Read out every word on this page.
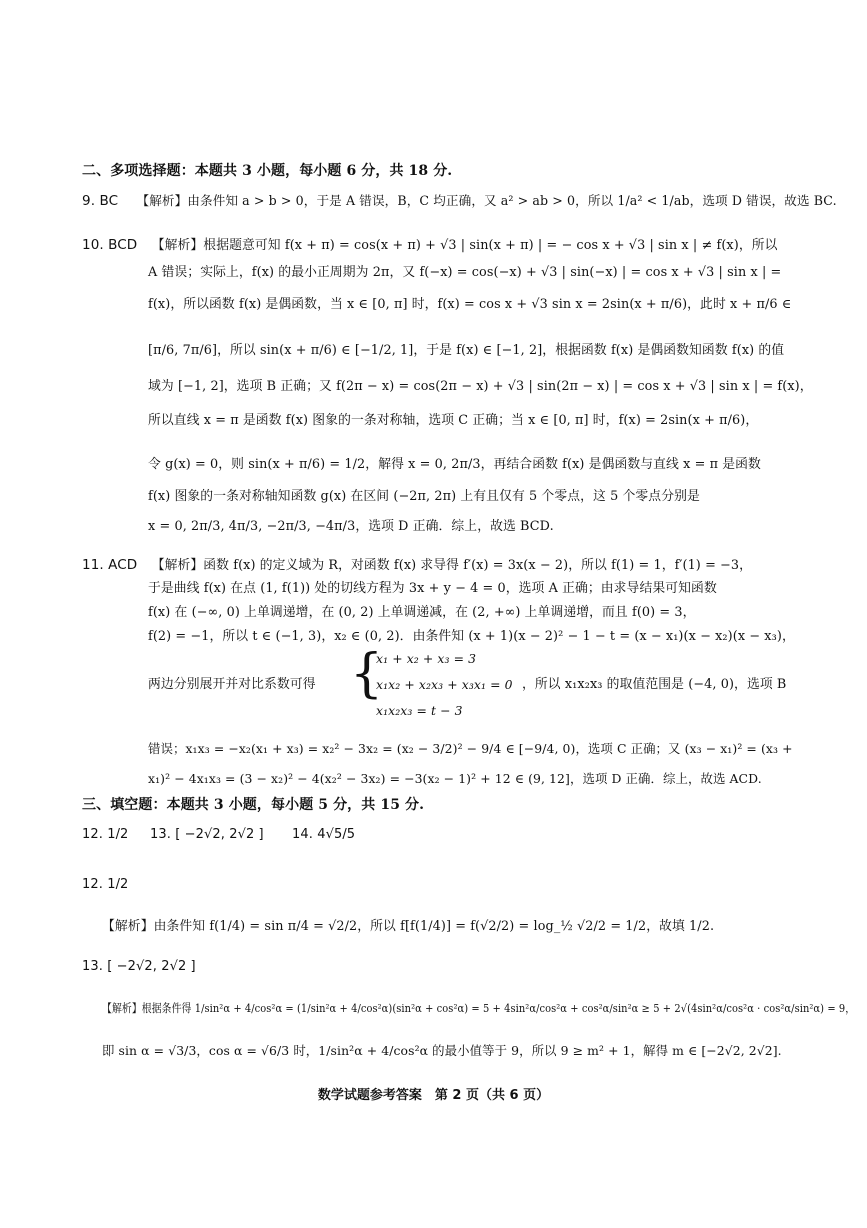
二、多项选择题：本题共 3 小题，每小题 6 分，共 18 分.
9. BC 【解析】由条件知 a > b > 0，于是 A 错误，B，C 均正确，又 a² > ab > 0，所以 1/a² < 1/ab，选项 D 错误，故选 BC.
10. BCD 【解析】根据题意可知 f(x + π) = cos(x + π) + √3 | sin(x + π) | = − cos x + √3 | sin x | ≠ f(x)，所以
A 错误；实际上，f(x) 的最小正周期为 2π，又 f(−x) = cos(−x) + √3 | sin(−x) | = cos x + √3 | sin x | =
f(x)，所以函数 f(x) 是偶函数，当 x ∈ [0, π] 时，f(x) = cos x + √3 sin x = 2sin(x + π/6)，此时 x + π/6 ∈
[π/6, 7π/6]，所以 sin(x + π/6) ∈ [−1/2, 1]，于是 f(x) ∈ [−1, 2]，根据函数 f(x) 是偶函数知函数 f(x) 的值
域为 [−1, 2]，选项 B 正确；又 f(2π − x) = cos(2π − x) + √3 | sin(2π − x) | = cos x + √3 | sin x | = f(x)，
所以直线 x = π 是函数 f(x) 图象的一条对称轴，选项 C 正确；当 x ∈ [0, π] 时，f(x) = 2sin(x + π/6)，
令 g(x) = 0，则 sin(x + π/6) = 1/2，解得 x = 0, 2π/3，再结合函数 f(x) 是偶函数与直线 x = π 是函数
f(x) 图象的一条对称轴知函数 g(x) 在区间 (−2π, 2π) 上有且仅有 5 个零点，这 5 个零点分别是
x = 0, 2π/3, 4π/3, −2π/3, −4π/3，选项 D 正确．综上，故选 BCD.
11. ACD 【解析】函数 f(x) 的定义域为 R，对函数 f(x) 求导得 f′(x) = 3x(x − 2)，所以 f(1) = 1，f′(1) = −3，
于是曲线 f(x) 在点 (1, f(1)) 处的切线方程为 3x + y − 4 = 0，选项 A 正确；由求导结果可知函数
f(x) 在 (−∞, 0) 上单调递增，在 (0, 2) 上单调递减，在 (2, +∞) 上单调递增，而且 f(0) = 3，
f(2) = −1，所以 t ∈ (−1, 3)，x₂ ∈ (0, 2)．由条件知 (x + 1)(x − 2)² − 1 − t = (x − x₁)(x − x₂)(x − x₃)，
两边分别展开并对比系数可得 {
x₁ + x₂ + x₃ = 3
x₁x₂ + x₂x₃ + x₃x₁ = 0
x₁x₂x₃ = t − 3
，所以 x₁x₂x₃ 的取值范围是 (−4, 0)，选项 B
错误；x₁x₃ = −x₂(x₁ + x₃) = x₂² − 3x₂ = (x₂ − 3/2)² − 9/4 ∈ [−9/4, 0)，选项 C 正确；又 (x₃ − x₁)² = (x₃ +
x₁)² − 4x₁x₃ = (3 − x₂)² − 4(x₂² − 3x₂) = −3(x₂ − 1)² + 12 ∈ (9, 12]，选项 D 正确．综上，故选 ACD.
三、填空题：本题共 3 小题，每小题 5 分，共 15 分.
12. 1/2 13. [ −2√2, 2√2 ] 14. 4√5/5
12. 1/2
【解析】由条件知 f(1/4) = sin π/4 = √2/2，所以 f[f(1/4)] = f(√2/2) = log_½ √2/2 = 1/2，故填 1/2.
13. [ −2√2, 2√2 ]
【解析】根据条件得 1/sin²α + 4/cos²α = (1/sin²α + 4/cos²α)(sin²α + cos²α) = 5 + 4sin²α/cos²α + cos²α/sin²α ≥ 5 + 2√(4sin²α/cos²α · cos²α/sin²α) = 9，
即 sin α = √3/3，cos α = √6/3 时，1/sin²α + 4/cos²α 的最小值等于 9，所以 9 ≥ m² + 1，解得 m ∈ [−2√2, 2√2].
数学试题参考答案　第 2 页（共 6 页）
